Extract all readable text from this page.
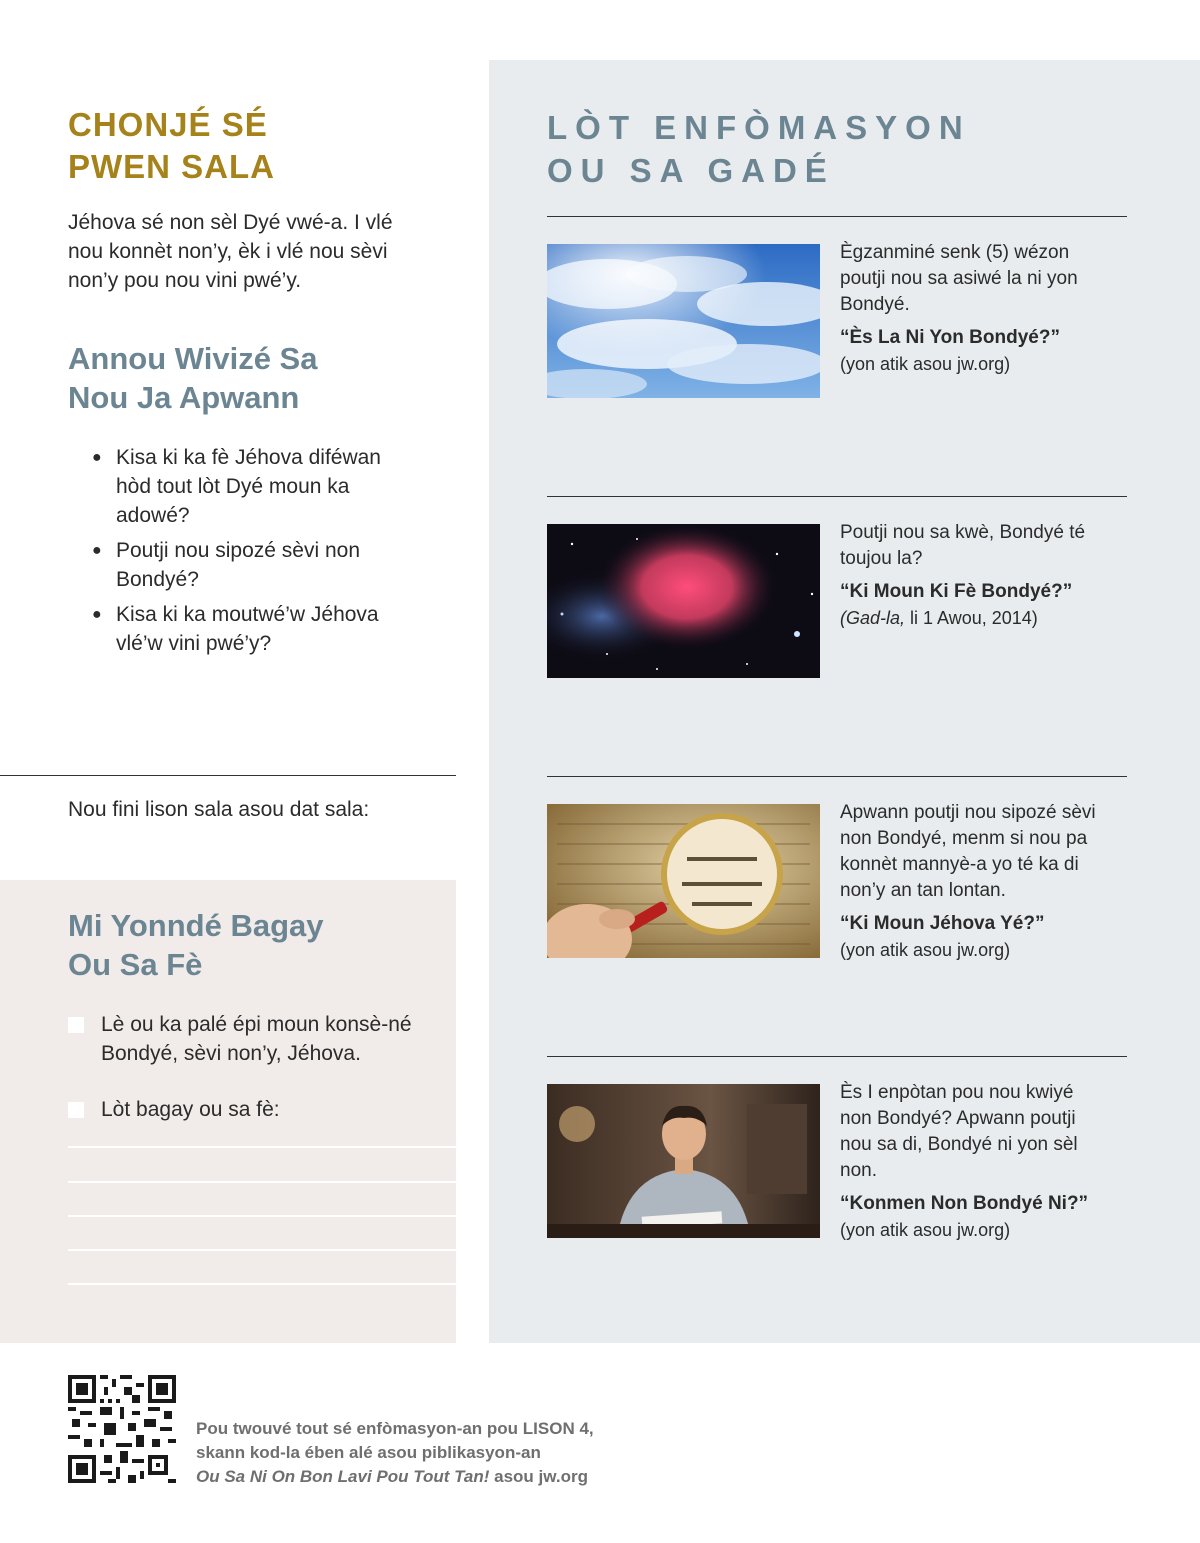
CHONJÉ SÉ
PWEN SALA

Jéhova sé non sèl Dyé vwé-a. I vlé nou konnèt non’y, èk i vlé nou sèvi non’y pou nou vini pwé’y.

Annou Wivizé Sa
Nou Ja Apwann
● Kisa ki ka fè Jéhova diféwan hòd tout lòt Dyé moun ka adowé?
● Poutji nou sipozé sèvi non Bondyé?
● Kisa ki ka moutwé’w Jéhova vlé’w vini pwé’y?

Nou fini lison sala asou dat sala:

Mi Yonndé Bagay
Ou Sa Fè
Lè ou ka palé épi moun konsè-né Bondyé, sèvi non’y, Jéhova.
Lòt bagay ou sa fè:
LÒT ENFÒMASYON
OU SA GADÉ
Ègzanminé senk (5) wézon poutji nou sa asiwé la ni yon Bondyé.
“Ès La Ni Yon Bondyé?”
(yon atik asou jw.org)
Poutji nou sa kwè, Bondyé té toujou la?
“Ki Moun Ki Fè Bondyé?”
(Gad-la, li 1 Awou, 2014)
Apwann poutji nou sipozé sèvi non Bondyé, menm si nou pa konnèt mannyè-a yo té ka di non’y an tan lontan.
“Ki Moun Jéhova Yé?”
(yon atik asou jw.org)
Ès I enpòtan pou nou kwiyé non Bondyé? Apwann poutji nou sa di, Bondyé ni yon sèl non.
“Konmen Non Bondyé Ni?”
(yon atik asou jw.org)
Pou twouvé tout sé enfòmasyon-an pou LISON 4,
skann kod-la ében alé asou piblikasyon-an
Ou Sa Ni On Bon Lavi Pou Tout Tan! asou jw.org
